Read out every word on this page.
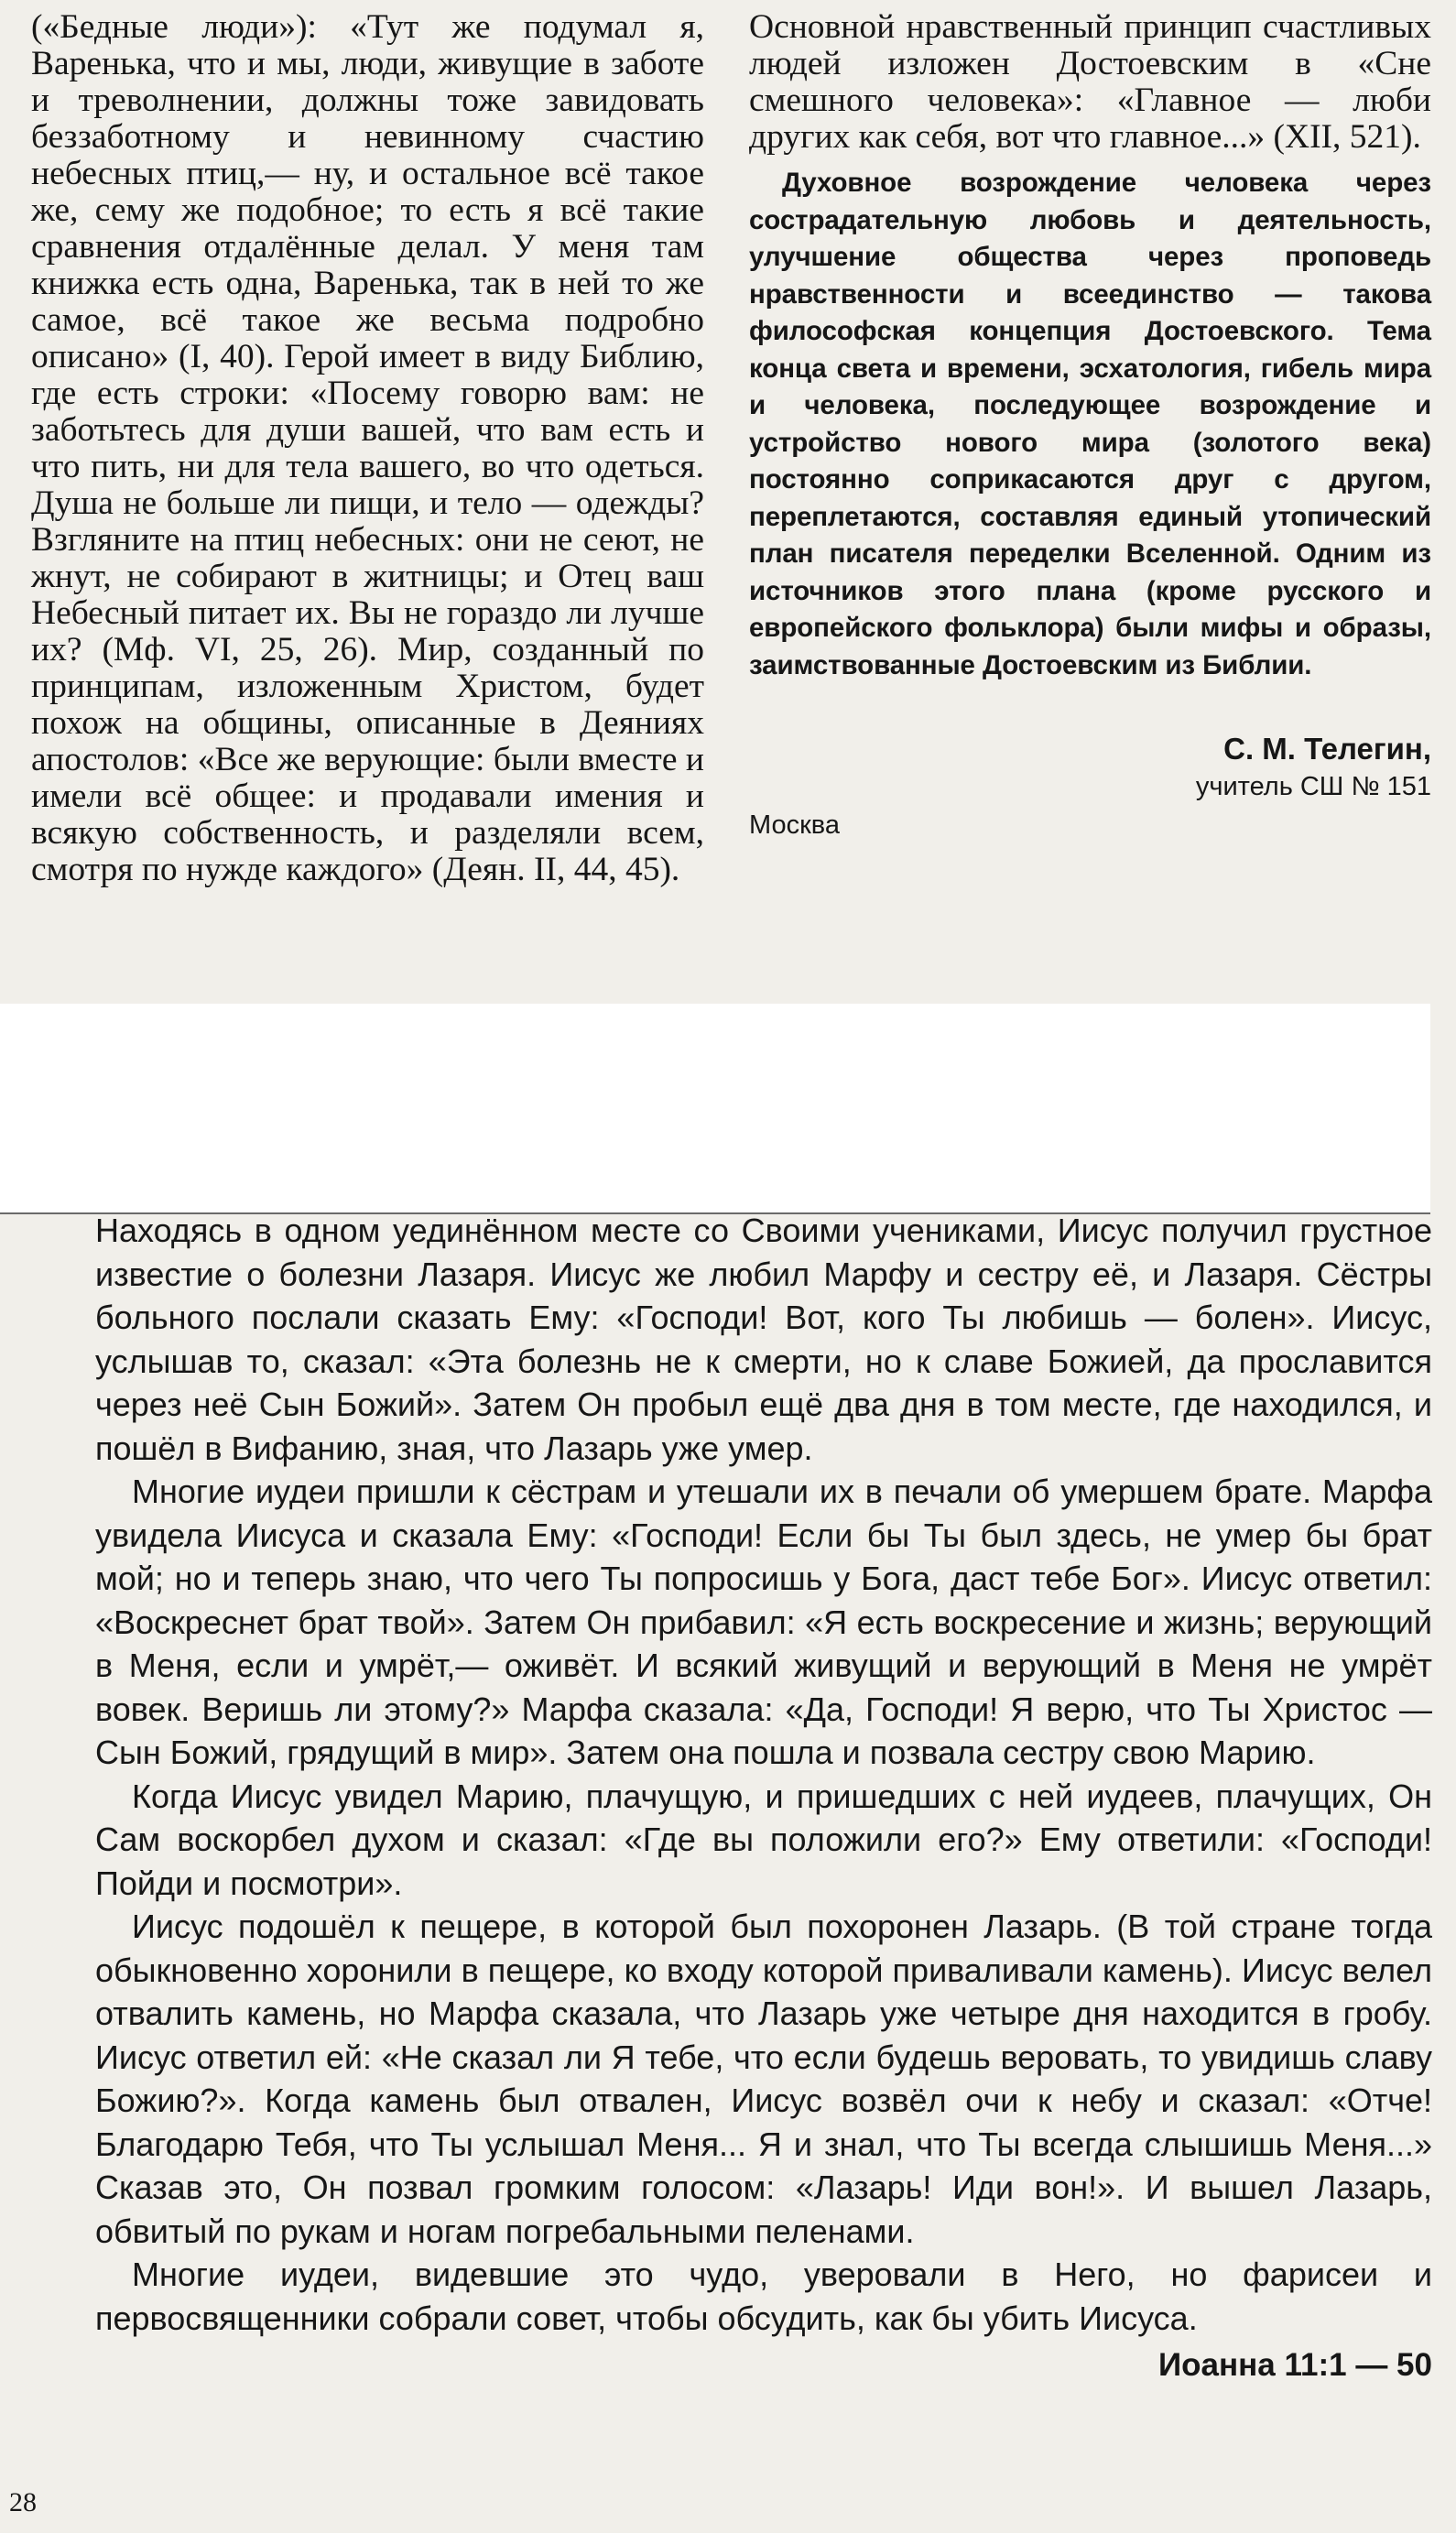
(«Бедные люди»): «Тут же подумал я, Варенька, что и мы, люди, живущие в заботе и треволнении, должны тоже завидовать беззаботному и невинному счастию небесных птиц,— ну, и остальное всё такое же, сему же подобное; то есть я всё такие сравнения отдалённые делал. У меня там книжка есть одна, Варенька, так в ней то же самое, всё такое же весьма подробно описано» (I, 40). Герой имеет в виду Библию, где есть строки: «Посему говорю вам: не заботьтесь для души вашей, что вам есть и что пить, ни для тела вашего, во что одеться. Душа не больше ли пищи, и тело — одежды? Взгляните на птиц небесных: они не сеют, не жнут, не собирают в житницы; и Отец ваш Небесный питает их. Вы не гораздо ли лучше их? (Мф. VI, 25, 26). Мир, созданный по принципам, изложенным Христом, будет похож на общины, описанные в Деяниях апостолов: «Все же верующие: были вместе и имели всё общее: и продавали имения и всякую собственность, и разделяли всем, смотря по нужде каждого» (Деян. II, 44, 45).

Основной нравственный принцип счастливых людей изложен Достоевским в «Сне смешного человека»: «Главное — люби других как себя, вот что главное...» (XII, 521).

Духовное возрождение человека через сострадательную любовь и деятельность, улучшение общества через проповедь нравственности и всеединство — такова философская концепция Достоевского. Тема конца света и времени, эсхатология, гибель мира и человека, последующее возрождение и устройство нового мира (золотого века) постоянно соприкасаются друг с другом, переплетаются, составляя единый утопический план писателя переделки Вселенной. Одним из источников этого плана (кроме русского и европейского фольклора) были мифы и образы, заимствованные Достоевским из Библии.

С. М. Телегин,
учитель СШ № 151
Москва

Находясь в одном уединённом месте со Своими учениками, Иисус получил грустное известие о болезни Лазаря. Иисус же любил Марфу и сестру её, и Лазаря. Сёстры больного послали сказать Ему: «Господи! Вот, кого Ты любишь — болен». Иисус, услышав то, сказал: «Эта болезнь не к смерти, но к славе Божией, да прославится через неё Сын Божий». Затем Он пробыл ещё два дня в том месте, где находился, и пошёл в Вифанию, зная, что Лазарь уже умер.

Многие иудеи пришли к сёстрам и утешали их в печали об умершем брате. Марфа увидела Иисуса и сказала Ему: «Господи! Если бы Ты был здесь, не умер бы брат мой; но и теперь знаю, что чего Ты попросишь у Бога, даст тебе Бог». Иисус ответил: «Воскреснет брат твой». Затем Он прибавил: «Я есть воскресение и жизнь; верующий в Меня, если и умрёт,— оживёт. И всякий живущий и верующий в Меня не умрёт вовек. Веришь ли этому?» Марфа сказала: «Да, Господи! Я верю, что Ты Христос — Сын Божий, грядущий в мир». Затем она пошла и позвала сестру свою Марию.

Когда Иисус увидел Марию, плачущую, и пришедших с ней иудеев, плачущих, Он Сам воскорбел духом и сказал: «Где вы положили его?» Ему ответили: «Господи! Пойди и посмотри».

Иисус подошёл к пещере, в которой был похоронен Лазарь. (В той стране тогда обыкновенно хоронили в пещере, ко входу которой приваливали камень). Иисус велел отвалить камень, но Марфа сказала, что Лазарь уже четыре дня находится в гробу. Иисус ответил ей: «Не сказал ли Я тебе, что если будешь веровать, то увидишь славу Божию?». Когда камень был отвален, Иисус возвёл очи к небу и сказал: «Отче! Благодарю Тебя, что Ты услышал Меня... Я и знал, что Ты всегда слышишь Меня...» Сказав это, Он позвал громким голосом: «Лазарь! Иди вон!». И вышел Лазарь, обвитый по рукам и ногам погребальными пеленами.

Многие иудеи, видевшие это чудо, уверовали в Него, но фарисеи и первосвященники собрали совет, чтобы обсудить, как бы убить Иисуса.

Иоанна 11:1 — 50
28
